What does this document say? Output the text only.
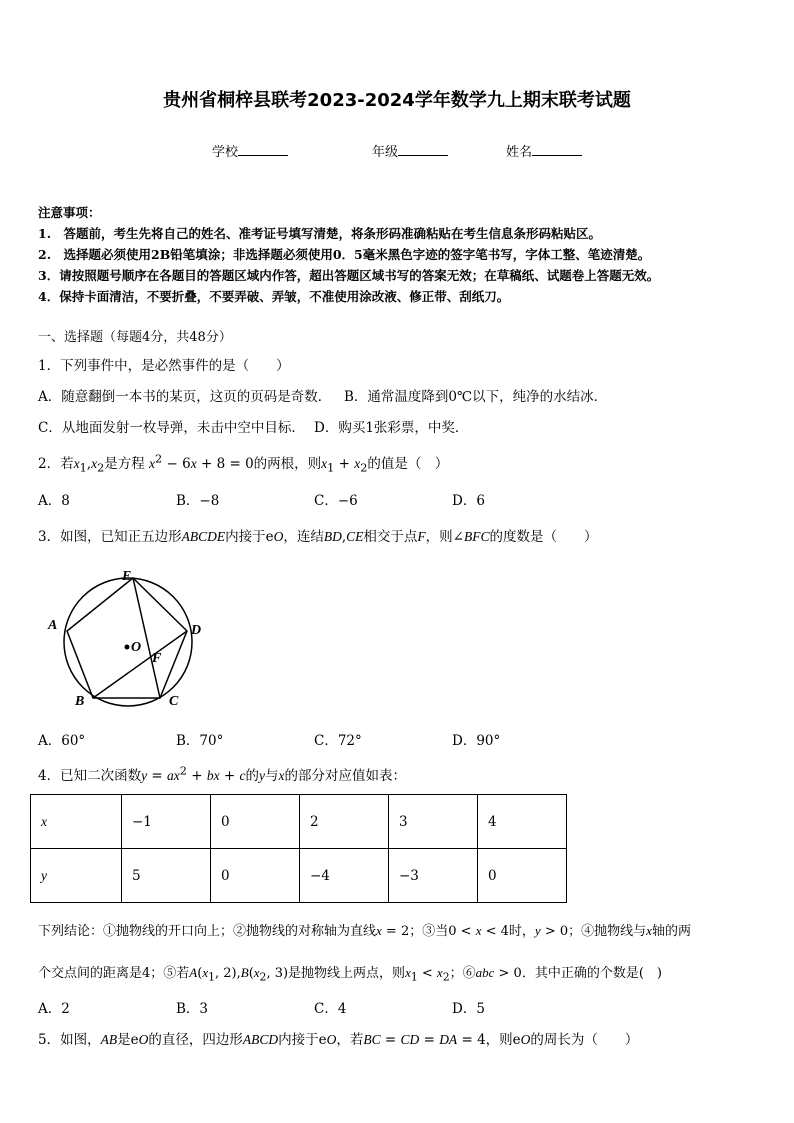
贵州省桐梓县联考2023-2024学年数学九上期末联考试题
学校	年级	姓名
注意事项：
1.　答题前，考生先将自己的姓名、准考证号填写清楚，将条形码准确粘贴在考生信息条形码粘贴区。
2.　选择题必须使用2B铅笔填涂；非选择题必须使用0．5毫米黑色字迹的签字笔书写，字体工整、笔迹清楚。
3．请按照题号顺序在各题目的答题区域内作答，超出答题区域书写的答案无效；在草稿纸、试题卷上答题无效。
4．保持卡面清洁，不要折叠，不要弄破、弄皱，不准使用涂改液、修正带、刮纸刀。
一、选择题（每题4分，共48分）
1．下列事件中，是必然事件的是（　　）
A．随意翻倒一本书的某页，这页的页码是奇数． B．通常温度降到0℃以下，纯净的水结冰．
C．从地面发射一枚导弹，未击中空中目标． D．购买1张彩票，中奖．
2．若$x_1,x_2$是方程 $x^2 - 6x + 8 = 0$的两根，则$x_1 + x_2$的值是（　）
A．8	B．−8	C．−6	D．6
3．如图，已知正五边形ABCDE内接于eO，连结BD,CE相交于点F，则∠BFC的度数是（　　）
E
A	D
B	C
O
F
A．60°	B．70°	C．72°	D．90°
4．已知二次函数$y = ax^2$ + bx + c的y与x的部分对应值如表：
x	−1	0	2	3	4
y	5	0	−4	−3	0
下列结论：①抛物线的开口向上；②抛物线的对称轴为直线x = 2；③当0 < x < 4时，y > 0；④抛物线与x轴的两
个交点间的距离是4；⑤若$A(x_1$, $2),B(x_2$, 3)是抛物线上两点，则$x_1 < x_2$；⑥abc > 0．其中正确的个数是(　)
A．2	B．3	C．4	D．5
5．如图，AB是eO的直径，四边形ABCD内接于eO，若BC = CD = DA = 4，则eO的周长为（　　）
